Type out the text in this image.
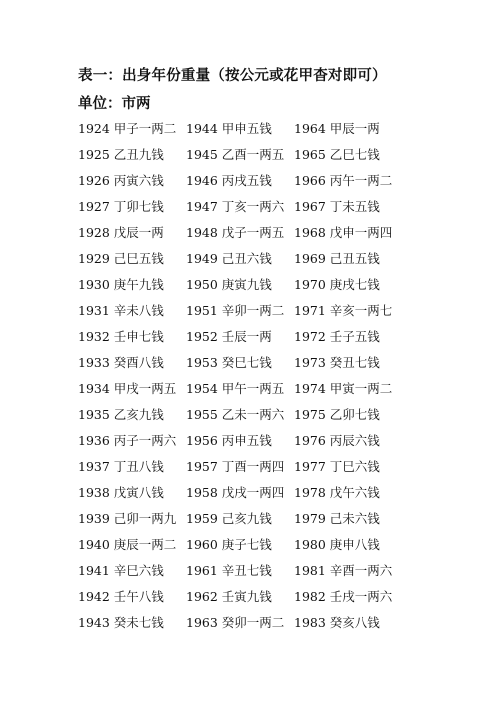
表一：出身年份重量（按公元或花甲杳对即可）
单位：市两
1924 甲子一两二 1944 甲申五钱	1964 甲辰一两
1925 乙丑九钱	1945 乙酉一两五 1965 乙巳七钱
1926 丙寅六钱	1946 丙戌五钱	1966 丙午一两二
1927 丁卯七钱	1947 丁亥一两六 1967 丁未五钱
1928 戊辰一两	1948 戊子一两五 1968 戊申一两四
1929 己巳五钱	1949 己丑六钱	1969 己丑五钱
1930 庚午九钱	1950 庚寅九钱	1970 庚戌七钱
1931 辛未八钱	1951 辛卯一两二 1971 辛亥一两七
1932 壬申七钱	1952 壬辰一两	1972 壬子五钱
1933 癸酉八钱	1953 癸巳七钱	1973 癸丑七钱
1934 甲戌一两五 1954 甲午一两五 1974 甲寅一两二
1935 乙亥九钱	1955 乙未一两六 1975 乙卯七钱
1936 丙子一两六 1956 丙申五钱	1976 丙辰六钱
1937 丁丑八钱	1957 丁酉一两四 1977 丁巳六钱
1938 戊寅八钱	1958 戊戌一两四 1978 戊午六钱
1939 己卯一两九 1959 己亥九钱	1979 己未六钱
1940 庚辰一两二 1960 庚子七钱	1980 庚申八钱
1941 辛巳六钱	1961 辛丑七钱	1981 辛酉一两六
1942 壬午八钱	1962 壬寅九钱	1982 壬戌一两六
1943 癸未七钱	1963 癸卯一两二 1983 癸亥八钱
